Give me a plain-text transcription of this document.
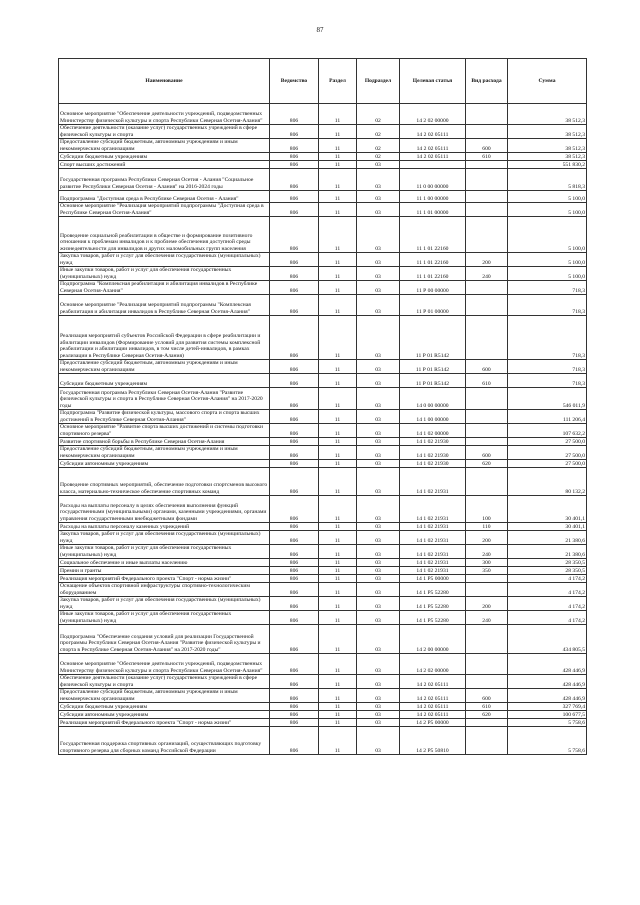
87
Наименование	Ведомство	Раздел	Подраздел	Целевая статья	Вид расхода	Сумма
Основное мероприятие "Обеспечение деятельности учреждений, подведомственных Министерству физической культуры и спорта Республики Северная Осетия-Алания"	806	11	02	14 2 02 00000		38 512,3
Обеспечение деятельности (оказание услуг) государственных учреждений в сфере физической культуры и спорта	806	11	02	14 2 02 05111		38 512,3
Предоставление субсидий бюджетным, автономным учреждениям и иным некоммерческим организациям	806	11	02	14 2 02 05111	600	38 512,3
Субсидии бюджетным учреждениям	806	11	02	14 2 02 05111	610	38 512,3
Спорт высших достижений	806	11	03			551 830,2
Государственная программа Республики Северная Осетия - Алания "Социальное развитие Республики Северная Осетия - Алания" на 2016-2024 годы	806	11	03	11 0 00 00000		5 818,3
Подпрограмма "Доступная среда в Республике Северная Осетия - Алания"	806	11	03	11 1 00 00000		5 100,0
Основное мероприятие "Реализация мероприятий подпрограммы "Доступная среда в Республике Северная Осетия-Алания"	806	11	03	11 1 01 00000		5 100,0
Проведение социальной реабилитации в обществе и формирование позитивного отношения к проблемам инвалидов и к проблеме обеспечения доступной среды жизнедеятельности для инвалидов и других маломобильных групп населения	806	11	03	11 1 01 22160		5 100,0
Закупка товаров, работ и услуг для обеспечения государственных (муниципальных) нужд	806	11	03	11 1 01 22160	200	5 100,0
Иные закупки товаров, работ и услуг для обеспечения государственных (муниципальных) нужд	806	11	03	11 1 01 22160	240	5 100,0
Подпрограмма "Комплексная реабилитация и абилитация инвалидов в Республике Северная Осетия-Алания"	806	11	03	11 Р 00 00000		718,3
Основное мероприятие "Реализация мероприятий подпрограммы "Комплексная реабилитация и абилитация инвалидов в Республике Северная Осетия-Алания"	806	11	03	11 Р 01 00000		718,3
Реализация мероприятий субъектов Российской Федерации в сфере реабилитации и абилитации инвалидов (Формирование условий для развития системы комплексной реабилитации и абилитации инвалидов, в том числе детей-инвалидов, в рамках реализации в Республике Северная Осетия-Алания)	806	11	03	11 Р 01 R5142		718,3
Предоставление субсидий бюджетным, автономным учреждениям и иным некоммерческим организациям	806	11	03	11 Р 01 R5142	600	718,3
Субсидии бюджетным учреждениям	806	11	03	11 Р 01 R5142	610	718,3
Государственная программа Республики Северная Осетия-Алания "Развитие физической культуры и спорта в Республике Северная Осетия-Алания" на 2017-2020 годы	806	11	03	14 0 00 00000		546 011,9
Подпрограмма "Развитие физической культуры, массового спорта и спорта высших достижений в Республике Северная Осетия-Алания"	806	11	03	14 1 00 00000		111 206,4
Основное мероприятие "Развитие спорта высших достижений и системы подготовки спортивного резерва"	806	11	03	14 1 02 00000		107 632,2
Развитие спортивной борьбы в Республике Северная Осетия-Алания	806	11	03	14 1 02 21930		27 500,0
Предоставление субсидий бюджетным, автономным учреждениям и иным некоммерческим организациям	806	11	03	14 1 02 21930	600	27 500,0
Субсидии автономным учреждениям	806	11	03	14 1 02 21930	620	27 500,0
Проведение спортивных мероприятий, обеспечение подготовки спортсменов высокого класса, материально-техническое обеспечение спортивных команд	806	11	03	14 1 02 21931		80 132,2
Расходы на выплаты персоналу в целях обеспечения выполнения функций государственными (муниципальными) органами, казенными учреждениями, органами управления государственными внебюджетными фондами	806	11	03	14 1 02 21931	100	30 401,1
Расходы на выплаты персоналу казенных учреждений	806	11	03	14 1 02 21931	110	30 401,1
Закупка товаров, работ и услуг для обеспечения государственных (муниципальных) нужд	806	11	03	14 1 02 21931	200	21 380,6
Иные закупки товаров, работ и услуг для обеспечения государственных (муниципальных) нужд	806	11	03	14 1 02 21931	240	21 380,6
Социальное обеспечение и иные выплаты населению	806	11	03	14 1 02 21931	300	28 350,5
Премии и гранты	806	11	03	14 1 02 21931	350	28 350,5
Реализация мероприятий Федерального проекта "Спорт - норма жизни"	806	11	03	14 1 Р5 00000		4 174,2
Оснащение объектов спортивной инфраструктуры спортивно-технологическим оборудованием	806	11	03	14 1 Р5 52280		4 174,2
Закупка товаров, работ и услуг для обеспечения государственных (муниципальных) нужд	806	11	03	14 1 Р5 52280	200	4 174,2
Иные закупки товаров, работ и услуг для обеспечения государственных (муниципальных) нужд	806	11	03	14 1 Р5 52280	240	4 174,2
Подпрограмма "Обеспечение создания условий для реализации Государственной программы Республики Северная Осетия-Алания "Развитие физической культуры и спорта в Республике Северная Осетия-Алания" на 2017-2020 годы"	806	11	03	14 2 00 00000		434 805,5
Основное мероприятие "Обеспечение деятельности учреждений, подведомственных Министерству физической культуры и спорта Республики Северная Осетия-Алания"	806	11	03	14 2 02 00000		428 446,9
Обеспечение деятельности (оказание услуг) государственных учреждений в сфере физической культуры и спорта	806	11	03	14 2 02 05111		428 446,9
Предоставление субсидий бюджетным, автономным учреждениям и иным некоммерческим организациям	806	11	03	14 2 02 05111	600	428 446,9
Субсидии бюджетным учреждениям	806	11	03	14 2 02 05111	610	327 769,4
Субсидии автономным учреждениям	806	11	03	14 2 02 05111	620	100 677,5
Реализация мероприятий Федерального проекта "Спорт - норма жизни"	806	11	03	14 2 Р5 00000		5 758,6
Государственная поддержка спортивных организаций, осуществляющих подготовку спортивного резерва для сборных команд Российской Федерации	806	11	03	14 2 Р5 50810		5 758,6
